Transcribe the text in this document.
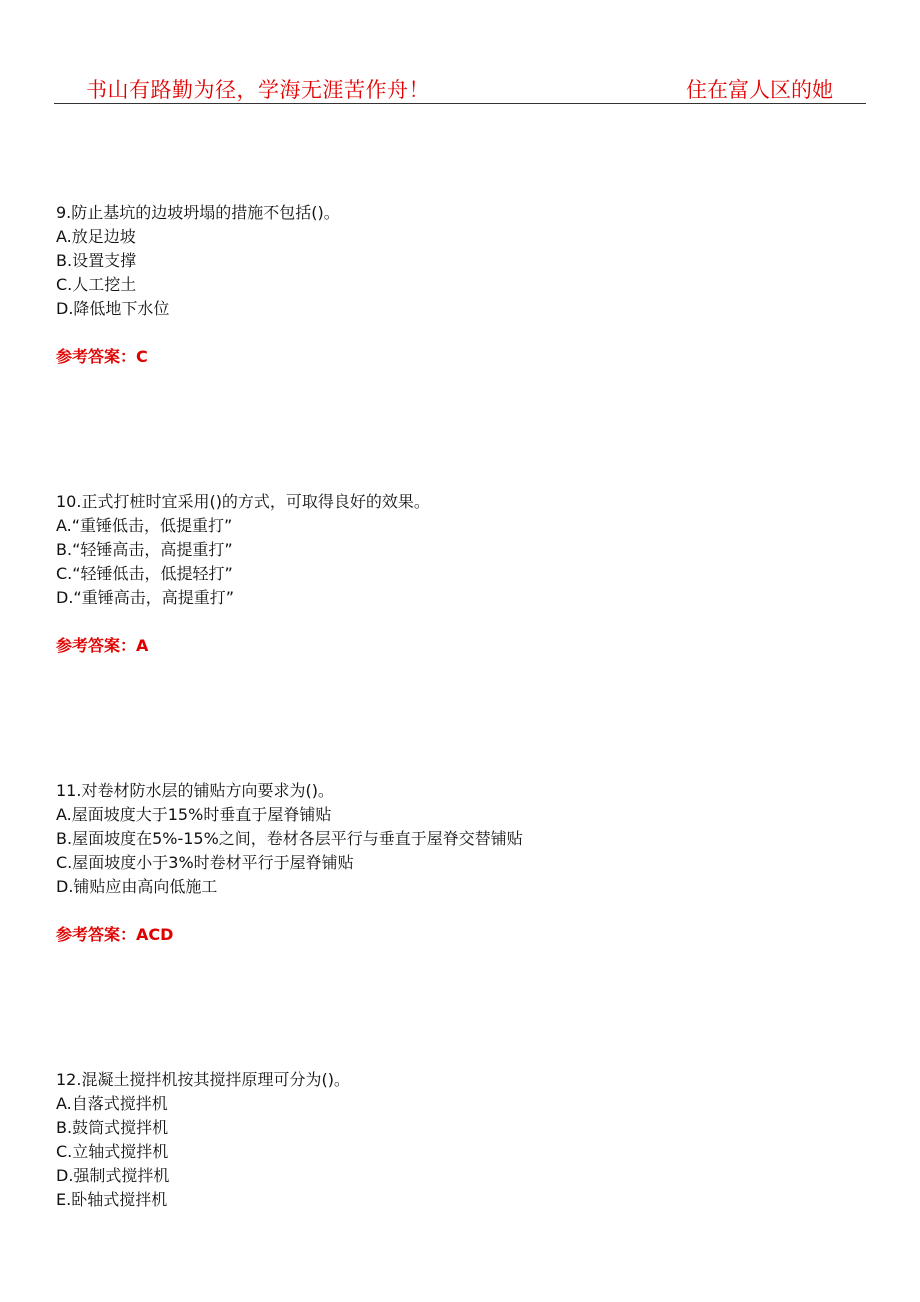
书山有路勤为径，学海无涯苦作舟！	住在富人区的她
9.防止基坑的边坡坍塌的措施不包括()。
A.放足边坡
B.设置支撑
C.人工挖土
D.降低地下水位
参考答案：C
10.正式打桩时宜采用()的方式，可取得良好的效果。
A.“重锤低击，低提重打”
B.“轻锤高击，高提重打”
C.“轻锤低击，低提轻打”
D.“重锤高击，高提重打”
参考答案：A
11.对卷材防水层的铺贴方向要求为()。
A.屋面坡度大于15%时垂直于屋脊铺贴
B.屋面坡度在5%-15%之间，卷材各层平行与垂直于屋脊交替铺贴
C.屋面坡度小于3%时卷材平行于屋脊铺贴
D.铺贴应由高向低施工
参考答案：ACD
12.混凝土搅拌机按其搅拌原理可分为()。
A.自落式搅拌机
B.鼓筒式搅拌机
C.立轴式搅拌机
D.强制式搅拌机
E.卧轴式搅拌机
